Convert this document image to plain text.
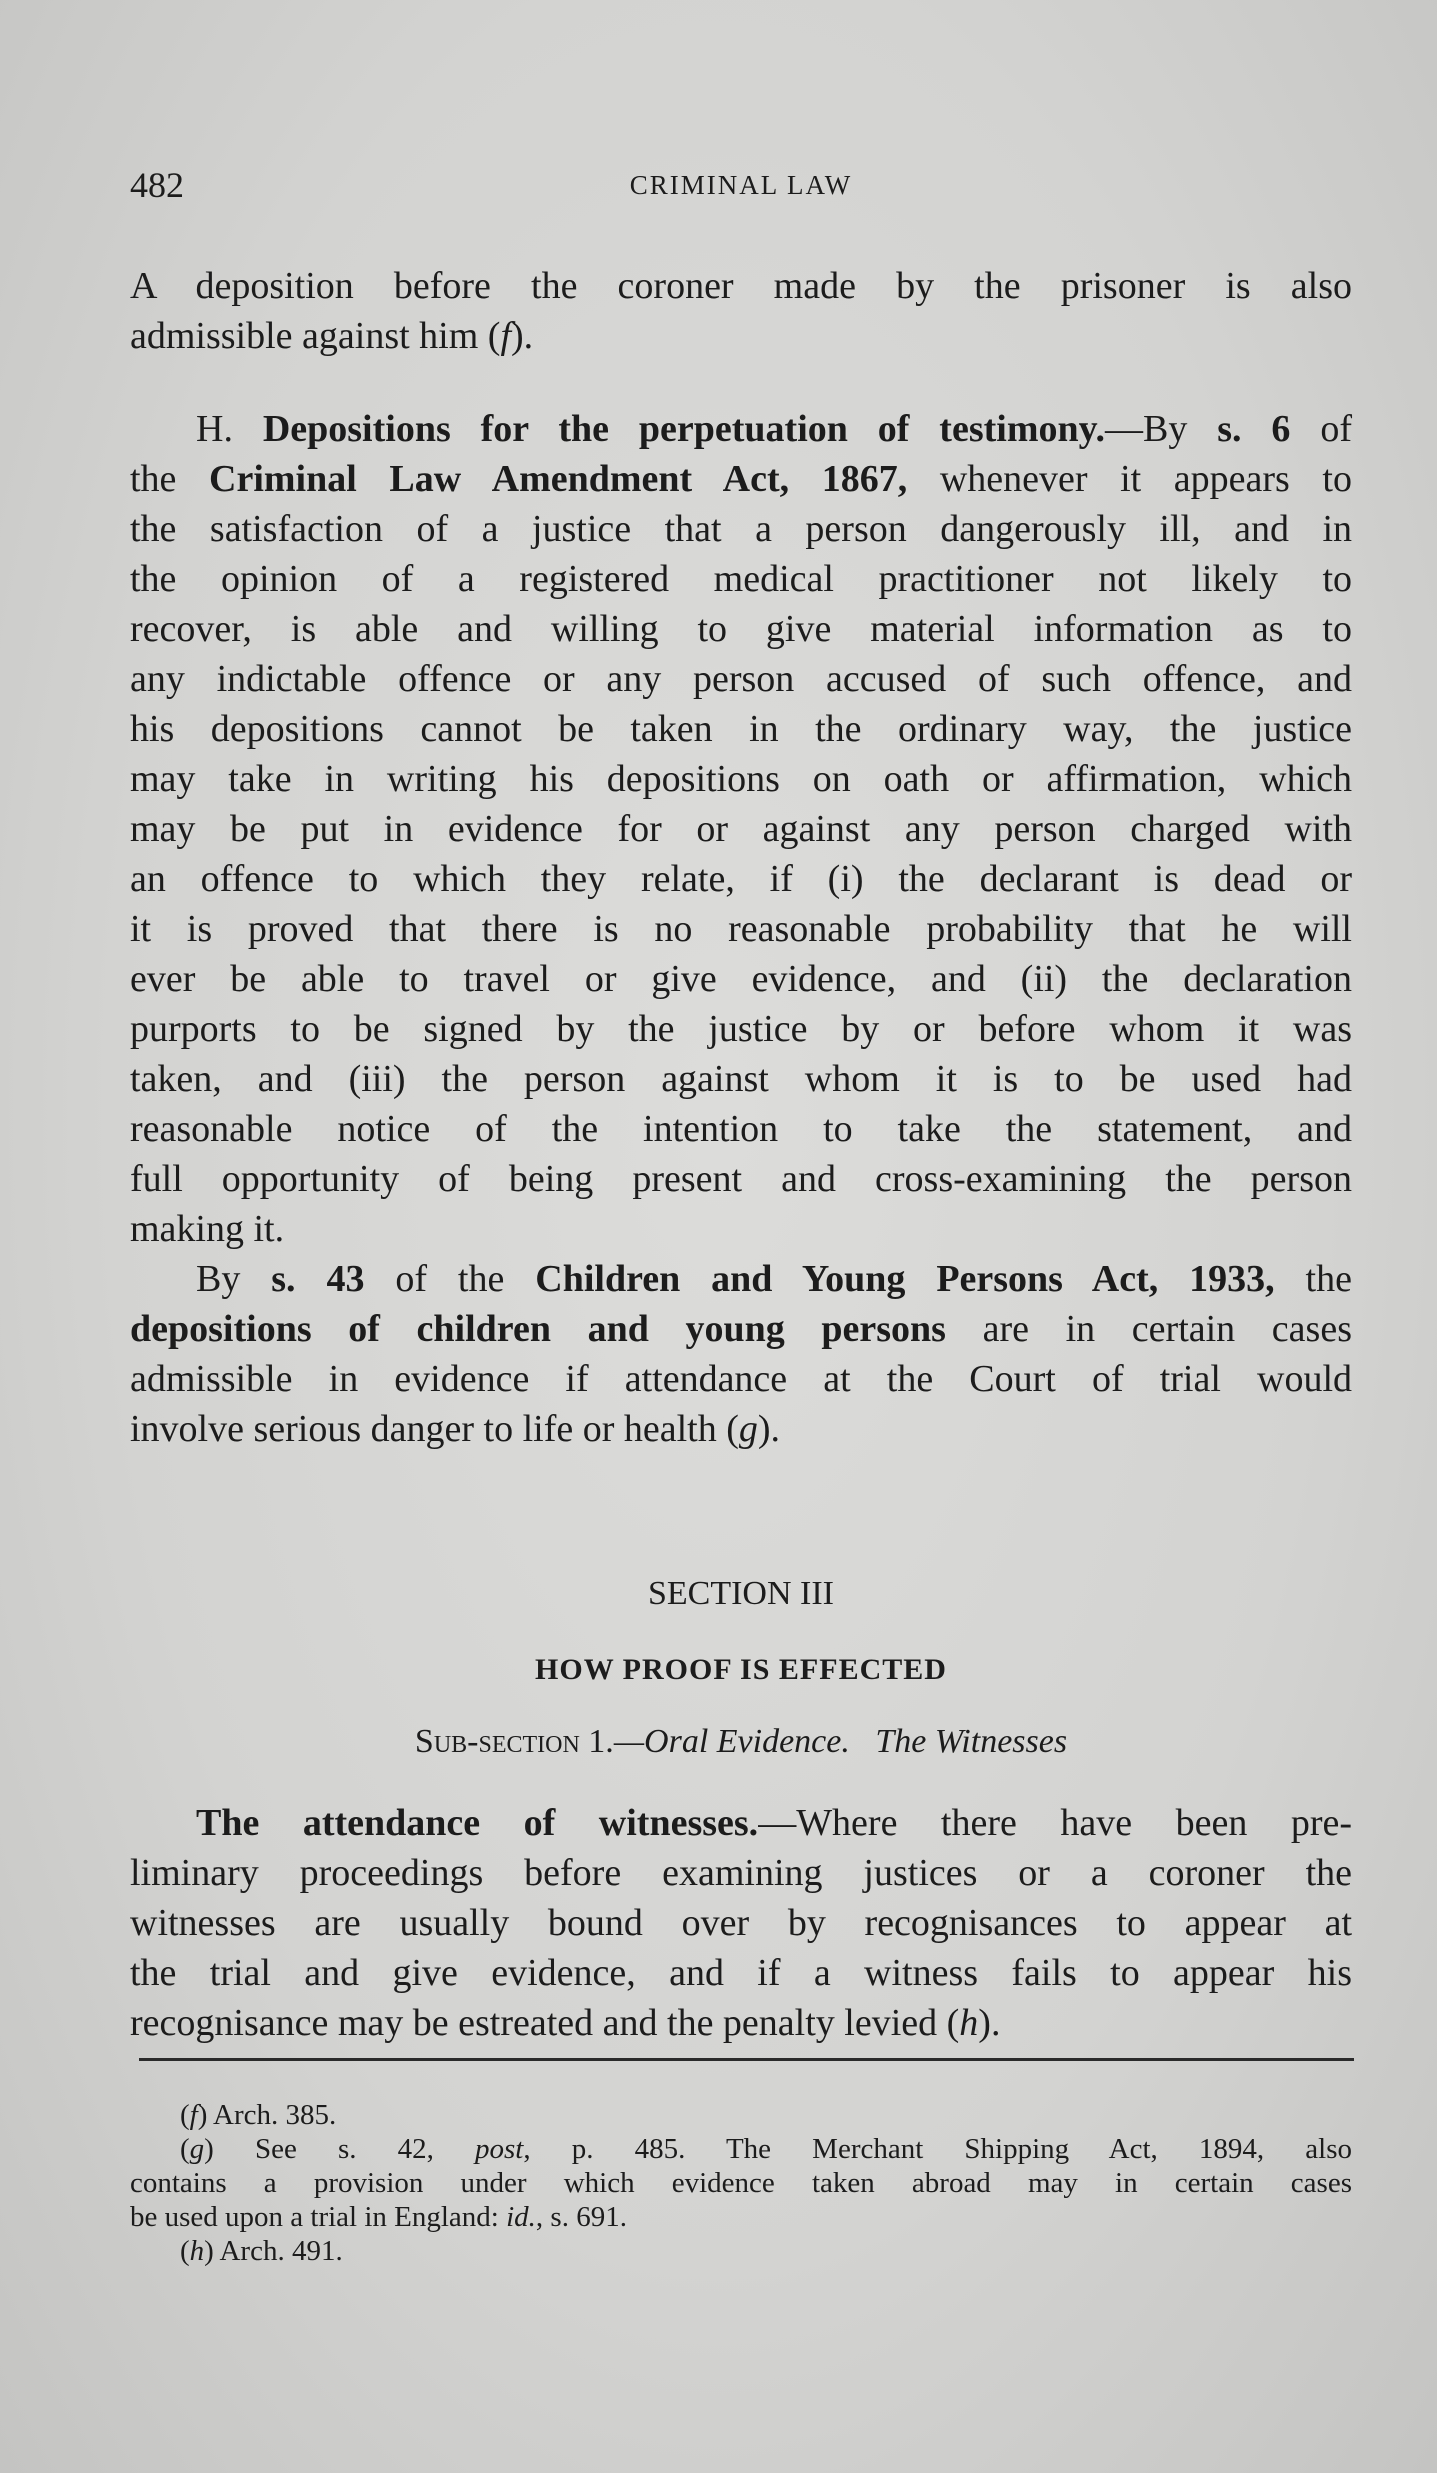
482	CRIMINAL LAW
A deposition before the coroner made by the prisoner is also
admissible against him (f).
H. Depositions for the perpetuation of testimony.—By s. 6 of
the Criminal Law Amendment Act, 1867, whenever it appears to
the satisfaction of a justice that a person dangerously ill, and in
the opinion of a registered medical practitioner not likely to
recover, is able and willing to give material information as to
any indictable offence or any person accused of such offence, and
his depositions cannot be taken in the ordinary way, the justice
may take in writing his depositions on oath or affirmation, which
may be put in evidence for or against any person charged with
an offence to which they relate, if (i) the declarant is dead or
it is proved that there is no reasonable probability that he will
ever be able to travel or give evidence, and (ii) the declaration
purports to be signed by the justice by or before whom it was
taken, and (iii) the person against whom it is to be used had
reasonable notice of the intention to take the statement, and
full opportunity of being present and cross-examining the person
making it.
By s. 43 of the Children and Young Persons Act, 1933, the
depositions of children and young persons are in certain cases
admissible in evidence if attendance at the Court of trial would
involve serious danger to life or health (g).
SECTION III
HOW PROOF IS EFFECTED
Sub-section 1.—Oral Evidence. The Witnesses
The attendance of witnesses.—Where there have been pre-
liminary proceedings before examining justices or a coroner the
witnesses are usually bound over by recognisances to appear at
the trial and give evidence, and if a witness fails to appear his
recognisance may be estreated and the penalty levied (h).
(f) Arch. 385.
(g) See s. 42, post, p. 485. The Merchant Shipping Act, 1894, also
contains a provision under which evidence taken abroad may in certain cases
be used upon a trial in England: id., s. 691.
(h) Arch. 491.
